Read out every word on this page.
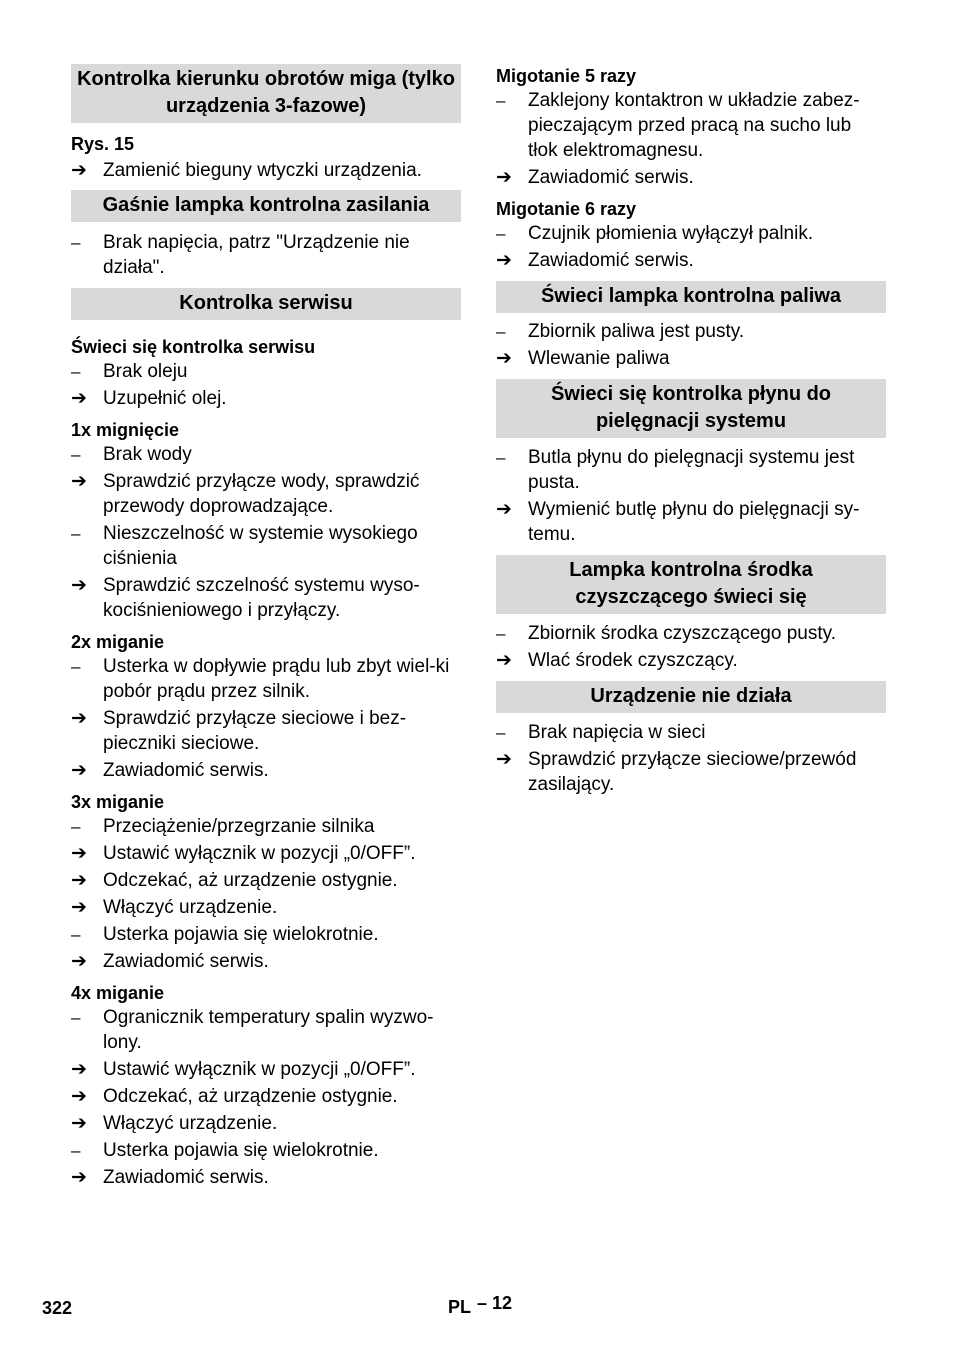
Kontrolka kierunku obrotów miga (tylko urządzenia 3-fazowe)
Rys. 15
➔ Zamienić bieguny wtyczki urządzenia.
Gaśnie lampka kontrolna zasilania
–	Brak napięcia, patrz "Urządzenie nie działa".
Kontrolka serwisu
Świeci się kontrolka serwisu
–	Brak oleju
➔ Uzupełnić olej.
1x mignięcie
–	Brak wody
➔ Sprawdzić przyłącze wody, sprawdzić przewody doprowadzające.
–	Nieszczelność w systemie wysokiego ciśnienia
➔ Sprawdzić szczelność systemu wyso-kociśnieniowego i przyłączy.
2x miganie
–	Usterka w dopływie prądu lub zbyt wiel-ki pobór prądu przez silnik.
➔ Sprawdzić przyłącze sieciowe i bez-pieczniki sieciowe.
➔ Zawiadomić serwis.
3x miganie
–	Przeciążenie/przegrzanie silnika
➔ Ustawić wyłącznik w pozycji „0/OFF”.
➔ Odczekać, aż urządzenie ostygnie.
➔ Włączyć urządzenie.
–	Usterka pojawia się wielokrotnie.
➔ Zawiadomić serwis.
4x miganie
–	Ogranicznik temperatury spalin wyzwo-lony.
➔ Ustawić wyłącznik w pozycji „0/OFF”.
➔ Odczekać, aż urządzenie ostygnie.
➔ Włączyć urządzenie.
–	Usterka pojawia się wielokrotnie.
➔ Zawiadomić serwis.
Migotanie 5 razy
–	Zaklejony kontaktron w układzie zabez-pieczającym przed pracą na sucho lub tłok elektromagnesu.
➔ Zawiadomić serwis.
Migotanie 6 razy
–	Czujnik płomienia wyłączył palnik.
➔ Zawiadomić serwis.
Świeci lampka kontrolna paliwa
–	Zbiornik paliwa jest pusty.
➔ Wlewanie paliwa
Świeci się kontrolka płynu do pielęgnacji systemu
–	Butla płynu do pielęgnacji systemu jest pusta.
➔ Wymienić butlę płynu do pielęgnacji sy-temu.
Lampka kontrolna środka czyszczącego świeci się
–	Zbiornik środka czyszczącego pusty.
➔ Wlać środek czyszczący.
Urządzenie nie działa
–	Brak napięcia w sieci
➔ Sprawdzić przyłącze sieciowe/przewód zasilający.
322	PL – 12
